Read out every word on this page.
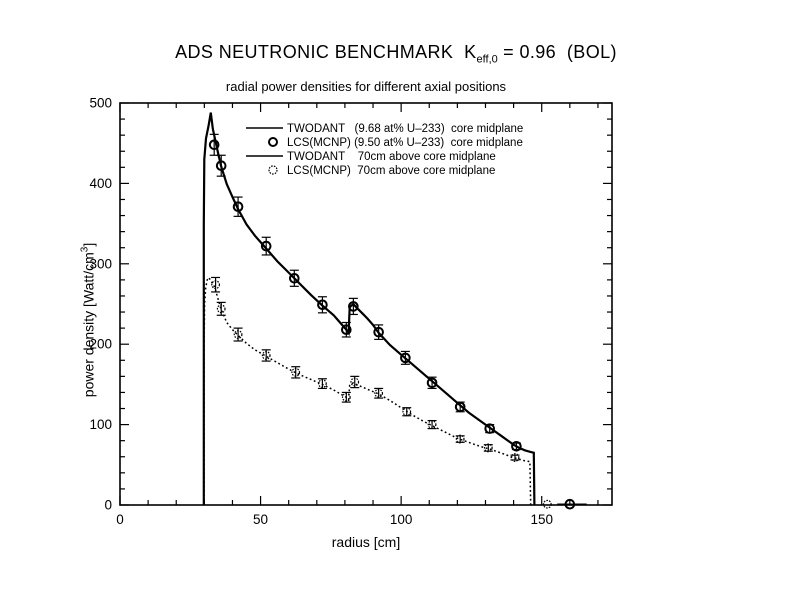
ADS NEUTRONIC BENCHMARK  $K_{eff,0} = 0.96$  (BOL)
radial power densities for different axial positions

power density $[Watt/cm^3]$

radius [cm]
0	50	100	150
0
100
200
300
400
500
TWODANT   (9.68 at% U–233)  core midplane
LCS(MCNP) (9.50 at% U–233)  core midplane
TWODANT    70cm above core midplane
LCS(MCNP)  70cm above core midplane
